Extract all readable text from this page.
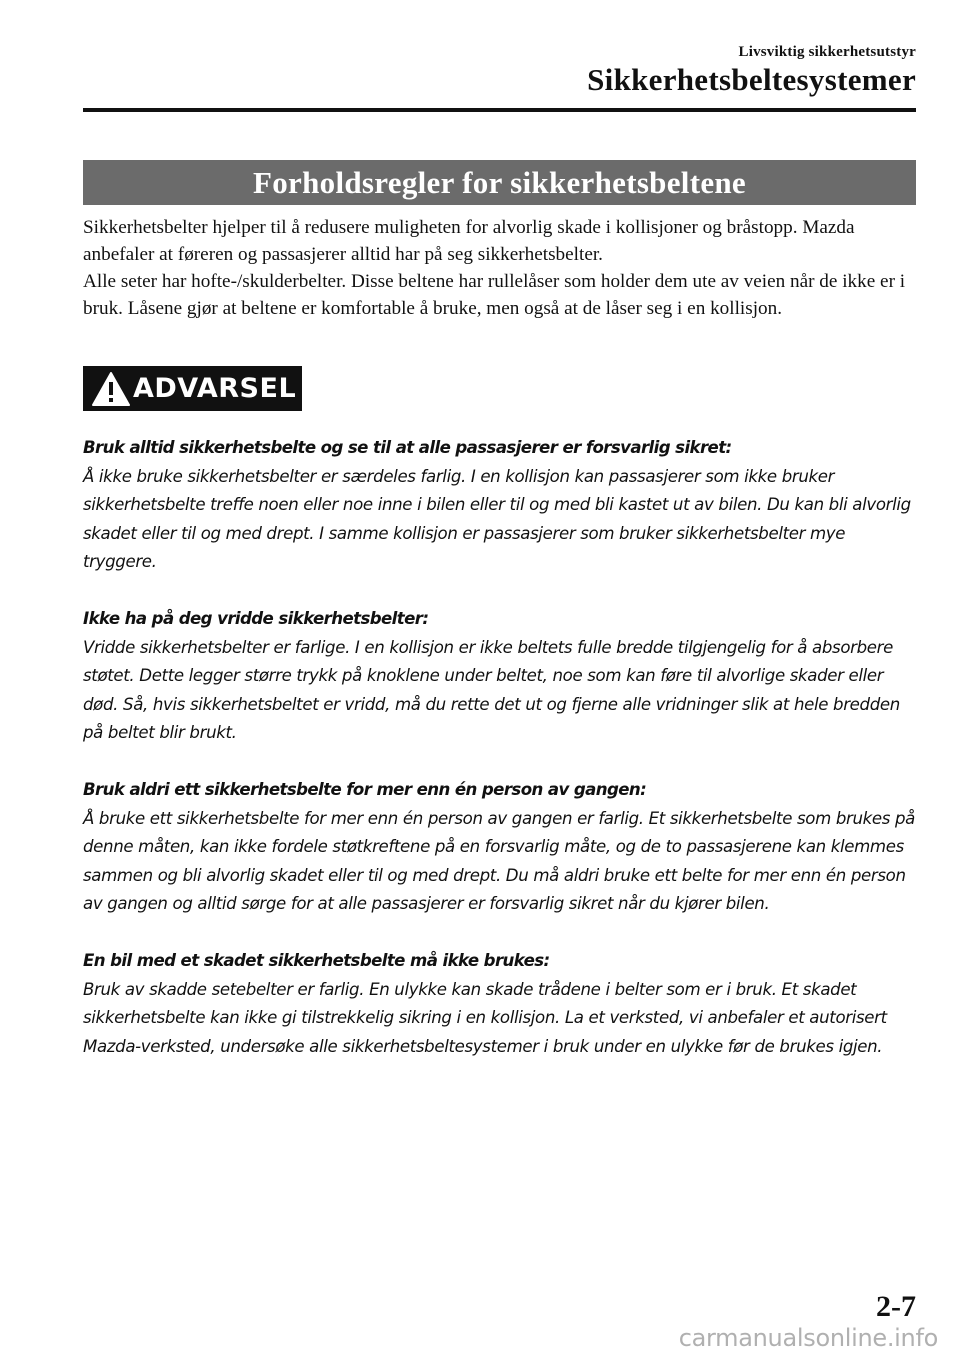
Livsviktig sikkerhetsutstyr
Sikkerhetsbeltesystemer
Forholdsregler for sikkerhetsbeltene

Sikkerhetsbelter hjelper til å redusere muligheten for alvorlig skade i kollisjoner og bråstopp. Mazda anbefaler at føreren og passasjerer alltid har på seg sikkerhetsbelter.

Alle seter har hofte-/skulderbelter. Disse beltene har rullelåser som holder dem ute av veien når de ikke er i bruk. Låsene gjør at beltene er komfortable å bruke, men også at de låser seg i en kollisjon.

ADVARSEL
Bruk alltid sikkerhetsbelte og se til at alle passasjerer er forsvarlig sikret:
Å ikke bruke sikkerhetsbelter er særdeles farlig. I en kollisjon kan passasjerer som ikke bruker sikkerhetsbelte treffe noen eller noe inne i bilen eller til og med bli kastet ut av bilen. Du kan bli alvorlig skadet eller til og med drept. I samme kollisjon er passasjerer som bruker sikkerhetsbelter mye tryggere.
Ikke ha på deg vridde sikkerhetsbelter:
Vridde sikkerhetsbelter er farlige. I en kollisjon er ikke beltets fulle bredde tilgjengelig for å absorbere støtet. Dette legger større trykk på knoklene under beltet, noe som kan føre til alvorlige skader eller død. Så, hvis sikkerhetsbeltet er vridd, må du rette det ut og fjerne alle vridninger slik at hele bredden på beltet blir brukt.
Bruk aldri ett sikkerhetsbelte for mer enn én person av gangen:
Å bruke ett sikkerhetsbelte for mer enn én person av gangen er farlig. Et sikkerhetsbelte som brukes på denne måten, kan ikke fordele støtkreftene på en forsvarlig måte, og de to passasjerene kan klemmes sammen og bli alvorlig skadet eller til og med drept. Du må aldri bruke ett belte for mer enn én person av gangen og alltid sørge for at alle passasjerer er forsvarlig sikret når du kjører bilen.
En bil med et skadet sikkerhetsbelte må ikke brukes:
Bruk av skadde setebelter er farlig. En ulykke kan skade trådene i belter som er i bruk. Et skadet sikkerhetsbelte kan ikke gi tilstrekkelig sikring i en kollisjon. La et verksted, vi anbefaler et autorisert Mazda-verksted, undersøke alle sikkerhetsbeltesystemer i bruk under en ulykke før de brukes igjen.
2-7
carmanualsonline.info
